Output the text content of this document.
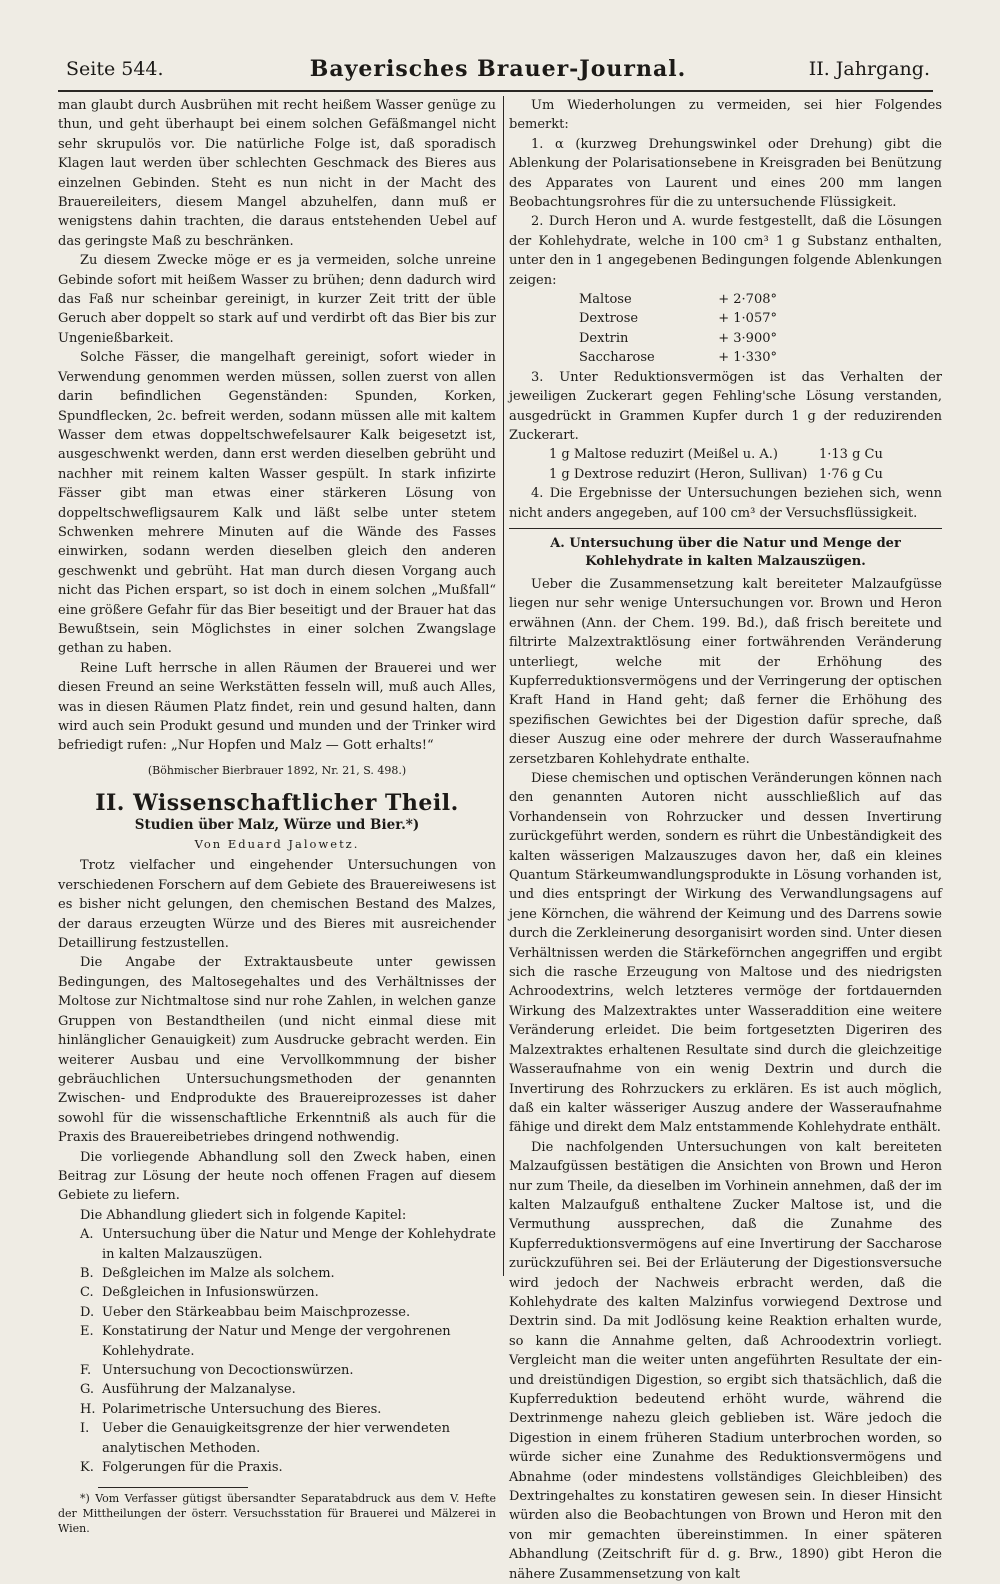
Seite 544.	Bayerisches Brauer-Journal.	II. Jahrgang.

man glaubt durch Ausbrühen mit recht heißem Wasser genüge zu thun, und geht überhaupt bei einem solchen Gefäßmangel nicht sehr skrupulös vor. Die natürliche Folge ist, daß sporadisch Klagen laut werden über schlechten Geschmack des Bieres aus einzelnen Gebinden. Steht es nun nicht in der Macht des Brauereileiters, diesem Mangel abzuhelfen, dann muß er wenigstens dahin trachten, die daraus entstehenden Uebel auf das geringste Maß zu beschränken.

Zu diesem Zwecke möge er es ja vermeiden, solche unreine Gebinde sofort mit heißem Wasser zu brühen; denn dadurch wird das Faß nur scheinbar gereinigt, in kurzer Zeit tritt der üble Geruch aber doppelt so stark auf und verdirbt oft das Bier bis zur Ungenießbarkeit.

Solche Fässer, die mangelhaft gereinigt, sofort wieder in Verwendung genommen werden müssen, sollen zuerst von allen darin befindlichen Gegenständen: Spunden, Korken, Spundflecken, 2c. befreit werden, sodann müssen alle mit kaltem Wasser dem etwas doppeltschwefelsaurer Kalk beigesetzt ist, ausgeschwenkt werden, dann erst werden dieselben gebrüht und nachher mit reinem kalten Wasser gespült. In stark infizirte Fässer gibt man etwas einer stärkeren Lösung von doppeltschwefligsaurem Kalk und läßt selbe unter stetem Schwenken mehrere Minuten auf die Wände des Fasses einwirken, sodann werden dieselben gleich den anderen geschwenkt und gebrüht. Hat man durch diesen Vorgang auch nicht das Pichen erspart, so ist doch in einem solchen „Mußfall“ eine größere Gefahr für das Bier beseitigt und der Brauer hat das Bewußtsein, sein Möglichstes in einer solchen Zwangslage gethan zu haben.

Reine Luft herrsche in allen Räumen der Brauerei und wer diesen Freund an seine Werkstätten fesseln will, muß auch Alles, was in diesen Räumen Platz findet, rein und gesund halten, dann wird auch sein Produkt gesund und munden und der Trinker wird befriedigt rufen: „Nur Hopfen und Malz — Gott erhalts!“

(Böhmischer Bierbrauer 1892, Nr. 21, S. 498.)

II. Wissenschaftlicher Theil.
Studien über Malz, Würze und Bier.*)
Von Eduard Jalowetz.

Trotz vielfacher und eingehender Untersuchungen von verschiedenen Forschern auf dem Gebiete des Brauereiwesens ist es bisher nicht gelungen, den chemischen Bestand des Malzes, der daraus erzeugten Würze und des Bieres mit ausreichender Detaillirung festzustellen.

Die Angabe der Extraktausbeute unter gewissen Bedingungen, des Maltosegehaltes und des Verhältnisses der Moltose zur Nichtmaltose sind nur rohe Zahlen, in welchen ganze Gruppen von Bestandtheilen (und nicht einmal diese mit hinlänglicher Genauigkeit) zum Ausdrucke gebracht werden. Ein weiterer Ausbau und eine Vervollkommnung der bisher gebräuchlichen Untersuchungsmethoden der genannten Zwischen- und Endprodukte des Brauereiprozesses ist daher sowohl für die wissenschaftliche Erkenntniß als auch für die Praxis des Brauereibetriebes dringend nothwendig.

Die vorliegende Abhandlung soll den Zweck haben, einen Beitrag zur Lösung der heute noch offenen Fragen auf diesem Gebiete zu liefern.

Die Abhandlung gliedert sich in folgende Kapitel:

A. Untersuchung über die Natur und Menge der Kohlehydrate in kalten Malzauszügen.
B. Deßgleichen im Malze als solchem.
C. Deßgleichen in Infusionswürzen.
D. Ueber den Stärkeabbau beim Maischprozesse.
E. Konstatirung der Natur und Menge der vergohrenen Kohlehydrate.
F. Untersuchung von Decoctionswürzen.
G. Ausführung der Malzanalyse.
H. Polarimetrische Untersuchung des Bieres.
I. Ueber die Genauigkeitsgrenze der hier verwendeten analytischen Methoden.
K. Folgerungen für die Praxis.

*) Vom Verfasser gütigst übersandter Separatabdruck aus dem V. Hefte der Mittheilungen der österr. Versuchsstation für Brauerei und Mälzerei in Wien.

Um Wiederholungen zu vermeiden, sei hier Folgendes bemerkt:

1. α (kurzweg Drehungswinkel oder Drehung) gibt die Ablenkung der Polarisationsebene in Kreisgraden bei Benützung des Apparates von Laurent und eines 200 mm langen Beobachtungsrohres für die zu untersuchende Flüssigkeit.

2. Durch Heron und A. wurde festgestellt, daß die Lösungen der Kohlehydrate, welche in 100 cm³ 1 g Substanz enthalten, unter den in 1 angegebenen Bedingungen folgende Ablenkungen zeigen:

Maltose	+ 2·708°
Dextrose	+ 1·057°
Dextrin	+ 3·900°
Saccharose	+ 1·330°

3. Unter Reduktionsvermögen ist das Verhalten der jeweiligen Zuckerart gegen Fehling'sche Lösung verstanden, ausgedrückt in Grammen Kupfer durch 1 g der reduzirenden Zuckerart.

1 g Maltose reduzirt (Meißel u. A.)	1·13 g Cu
1 g Dextrose reduzirt (Heron, Sullivan) 1·76 g Cu

4. Die Ergebnisse der Untersuchungen beziehen sich, wenn nicht anders angegeben, auf 100 cm³ der Versuchsflüssigkeit.

A. Untersuchung über die Natur und Menge der Kohlehydrate in kalten Malzauszügen.

Ueber die Zusammensetzung kalt bereiteter Malzaufgüsse liegen nur sehr wenige Untersuchungen vor. Brown und Heron erwähnen (Ann. der Chem. 199. Bd.), daß frisch bereitete und filtrirte Malzextraktlösung einer fortwährenden Veränderung unterliegt, welche mit der Erhöhung des Kupferreduktionsvermögens und der Verringerung der optischen Kraft Hand in Hand geht; daß ferner die Erhöhung des spezifischen Gewichtes bei der Digestion dafür spreche, daß dieser Auszug eine oder mehrere der durch Wasseraufnahme zersetzbaren Kohlehydrate enthalte.

Diese chemischen und optischen Veränderungen können nach den genannten Autoren nicht ausschließlich auf das Vorhandensein von Rohrzucker und dessen Invertirung zurückgeführt werden, sondern es rührt die Unbeständigkeit des kalten wässerigen Malzauszuges davon her, daß ein kleines Quantum Stärkeumwandlungsprodukte in Lösung vorhanden ist, und dies entspringt der Wirkung des Verwandlungsagens auf jene Körnchen, die während der Keimung und des Darrens sowie durch die Zerkleinerung desorganisirt worden sind. Unter diesen Verhältnissen werden die Stärkeförnchen angegriffen und ergibt sich die rasche Erzeugung von Maltose und des niedrigsten Achroodextrins, welch letzteres vermöge der fortdauernden Wirkung des Malzextraktes unter Wasseraddition eine weitere Veränderung erleidet. Die beim fortgesetzten Digeriren des Malzextraktes erhaltenen Resultate sind durch die gleichzeitige Wasseraufnahme von ein wenig Dextrin und durch die Invertirung des Rohrzuckers zu erklären. Es ist auch möglich, daß ein kalter wässeriger Auszug andere der Wasseraufnahme fähige und direkt dem Malz entstammende Kohlehydrate enthält.

Die nachfolgenden Untersuchungen von kalt bereiteten Malzaufgüssen bestätigen die Ansichten von Brown und Heron nur zum Theile, da dieselben im Vorhinein annehmen, daß der im kalten Malzaufguß enthaltene Zucker Maltose ist, und die Vermuthung aussprechen, daß die Zunahme des Kupferreduktionsvermögens auf eine Invertirung der Saccharose zurückzuführen sei. Bei der Erläuterung der Digestionsversuche wird jedoch der Nachweis erbracht werden, daß die Kohlehydrate des kalten Malzinfus vorwiegend Dextrose und Dextrin sind. Da mit Jodlösung keine Reaktion erhalten wurde, so kann die Annahme gelten, daß Achroodextrin vorliegt. Vergleicht man die weiter unten angeführten Resultate der ein- und dreistündigen Digestion, so ergibt sich thatsächlich, daß die Kupferreduktion bedeutend erhöht wurde, während die Dextrinmenge nahezu gleich geblieben ist. Wäre jedoch die Digestion in einem früheren Stadium unterbrochen worden, so würde sicher eine Zunahme des Reduktionsvermögens und Abnahme (oder mindestens vollständiges Gleichbleiben) des Dextringehaltes zu konstatiren gewesen sein. In dieser Hinsicht würden also die Beobachtungen von Brown und Heron mit den von mir gemachten übereinstimmen. In einer späteren Abhandlung (Zeitschrift für d. g. Brw., 1890) gibt Heron die nähere Zusammensetzung von kalt
